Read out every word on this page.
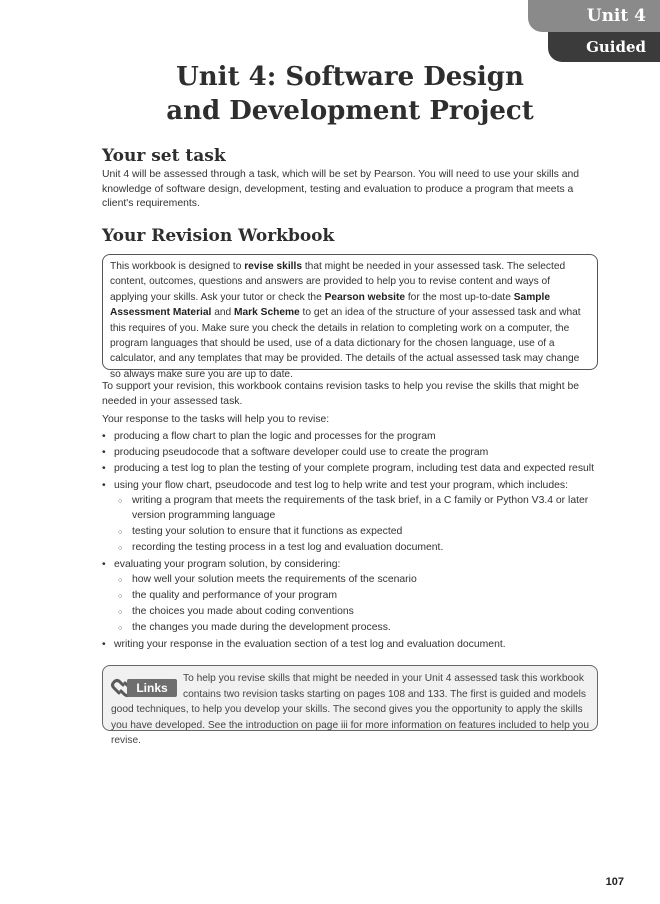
Unit 4
Guided
Unit 4: Software Design
and Development Project
Your set task
Unit 4 will be assessed through a task, which will be set by Pearson. You will need to use your skills and knowledge of software design, development, testing and evaluation to produce a program that meets a client's requirements.
Your Revision Workbook
This workbook is designed to revise skills that might be needed in your assessed task. The selected content, outcomes, questions and answers are provided to help you to revise content and ways of applying your skills. Ask your tutor or check the Pearson website for the most up-to-date Sample Assessment Material and Mark Scheme to get an idea of the structure of your assessed task and what this requires of you. Make sure you check the details in relation to completing work on a computer, the program languages that should be used, use of a data dictionary for the chosen language, use of a calculator, and any templates that may be provided. The details of the actual assessed task may change so always make sure you are up to date.
To support your revision, this workbook contains revision tasks to help you revise the skills that might be needed in your assessed task.
Your response to the tasks will help you to revise:
• producing a flow chart to plan the logic and processes for the program
• producing pseudocode that a software developer could use to create the program
• producing a test log to plan the testing of your complete program, including test data and expected result
• using your flow chart, pseudocode and test log to help write and test your program, which includes:
○ writing a program that meets the requirements of the task brief, in a C family or Python V3.4 or later version programming language
○ testing your solution to ensure that it functions as expected
○ recording the testing process in a test log and evaluation document.
• evaluating your program solution, by considering:
○ how well your solution meets the requirements of the scenario
○ the quality and performance of your program
○ the choices you made about coding conventions
○ the changes you made during the development process.
• writing your response in the evaluation section of a test log and evaluation document.
Links
To help you revise skills that might be needed in your Unit 4 assessed task this workbook contains two revision tasks starting on pages 108 and 133. The first is guided and models good techniques, to help you develop your skills. The second gives you the opportunity to apply the skills you have developed. See the introduction on page iii for more information on features included to help you revise.
107
